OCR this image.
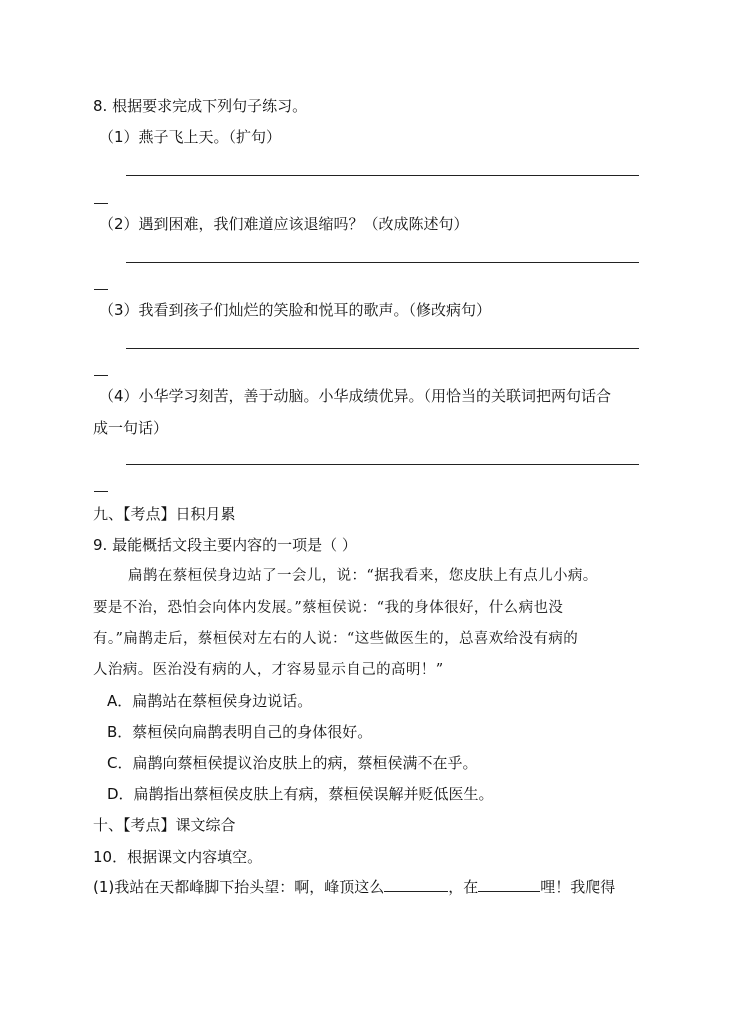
8. 根据要求完成下列句子练习。
（1）燕子飞上天。（扩句）
（2）遇到困难，我们难道应该退缩吗？（改成陈述句）
（3）我看到孩子们灿烂的笑脸和悦耳的歌声。（修改病句）
（4）小华学习刻苦，善于动脑。小华成绩优异。（用恰当的关联词把两句话合
成一句话）
九、【考点】日积月累
9. 最能概括文段主要内容的一项是（ ）
扁鹊在蔡桓侯身边站了一会儿，说：“据我看来，您皮肤上有点儿小病。
要是不治，恐怕会向体内发展。”蔡桓侯说：“我的身体很好，什么病也没
有。”扁鹊走后，蔡桓侯对左右的人说：“这些做医生的，总喜欢给没有病的
人治病。医治没有病的人，才容易显示自己的高明！”
A．扁鹊站在蔡桓侯身边说话。
B．蔡桓侯向扁鹊表明自己的身体很好。
C．扁鹊向蔡桓侯提议治皮肤上的病，蔡桓侯满不在乎。
D．扁鹊指出蔡桓侯皮肤上有病，蔡桓侯误解并贬低医生。
十、【考点】课文综合
10．根据课文内容填空。
(1)我站在天都峰脚下抬头望：啊，峰顶这么	，在	哩！我爬得
